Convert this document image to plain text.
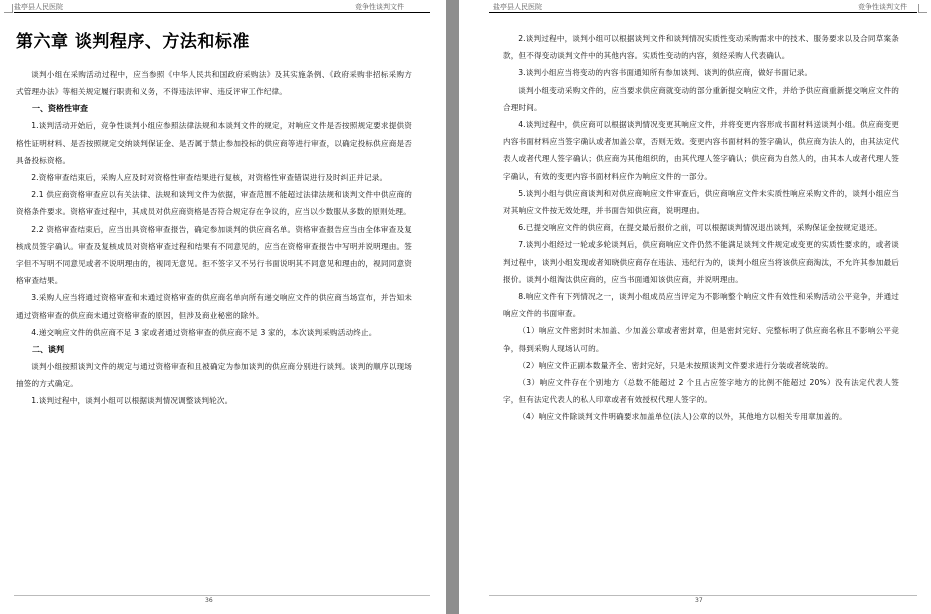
盐亭县人民医院	竞争性谈判文件
第六章 谈判程序、方法和标准

谈判小组在采购活动过程中，应当参照《中华人民共和国政府采购法》及其实施条例、《政府采购非招标采购方式管理办法》等相关规定履行职责和义务，不得违法评审、违反评审工作纪律。

一、资格性审查

1.谈判活动开始后，竞争性谈判小组应参照法律法规和本谈判文件的规定，对响应文件是否按照规定要求提供资格性证明材料、是否按照规定交纳谈判保证金、是否属于禁止参加投标的供应商等进行审查，以确定投标供应商是否具备投标资格。

2.资格审查结束后，采购人应及时对资格性审查结果进行复核，对资格性审查错误进行及时纠正并记录。

2.1 供应商资格审查应以有关法律、法规和谈判文件为依据，审查范围不能超过法律法规和谈判文件中供应商的资格条件要求。资格审查过程中，其成员对供应商资格是否符合规定存在争议的，应当以少数服从多数的原则处理。

2.2 资格审查结束后，应当出具资格审查报告，确定参加谈判的供应商名单。资格审查报告应当由全体审查及复核成员签字确认。审查及复核成员对资格审查过程和结果有不同意见的，应当在资格审查报告中写明并说明理由。签字但不写明不同意见或者不说明理由的，视同无意见。拒不签字又不另行书面说明其不同意见和理由的，视同同意资格审查结果。

3.采购人应当将通过资格审查和未通过资格审查的供应商名单向所有递交响应文件的供应商当场宣布，并告知未通过资格审查的供应商未通过资格审查的原因，但涉及商业秘密的除外。

4.递交响应文件的供应商不足 3 家或者通过资格审查的供应商不足 3 家的，本次谈判采购活动终止。

二、谈判

谈判小组按照谈判文件的规定与通过资格审查和且被确定为参加谈判的供应商分别进行谈判。谈判的顺序以现场抽签的方式确定。

1.谈判过程中，谈判小组可以根据谈判情况调整谈判轮次。

36
盐亭县人民医院	竞争性谈判文件

2.谈判过程中，谈判小组可以根据谈判文件和谈判情况实质性变动采购需求中的技术、服务要求以及合同草案条款，但不得变动谈判文件中的其他内容。实质性变动的内容，须经采购人代表确认。

3.谈判小组应当将变动的内容书面通知所有参加谈判、谈判的供应商，做好书面记录。

谈判小组变动采购文件的，应当要求供应商就变动的部分重新提交响应文件，并给予供应商重新提交响应文件的合理时间。

4.谈判过程中，供应商可以根据谈判情况变更其响应文件，并将变更内容形成书面材料送谈判小组。供应商变更内容书面材料应当签字确认或者加盖公章，否则无效。变更内容书面材料的签字确认，供应商为法人的，由其法定代表人或者代理人签字确认；供应商为其他组织的，由其代理人签字确认；供应商为自然人的，由其本人或者代理人签字确认，有效的变更内容书面材料应作为响应文件的一部分。

5.谈判小组与供应商谈判和对供应商响应文件审查后，供应商响应文件未实质性响应采购文件的，谈判小组应当对其响应文件按无效处理，并书面告知供应商，说明理由。

6.已提交响应文件的供应商，在提交最后报价之前，可以根据谈判情况退出谈判，采购保证金按规定退还。

7.谈判小组经过一轮或多轮谈判后，供应商响应文件仍然不能满足谈判文件规定或变更的实质性要求的，或者谈判过程中，谈判小组发现或者知晓供应商存在违法、违纪行为的，谈判小组应当将该供应商淘汰，不允许其参加最后报价。谈判小组淘汰供应商的，应当书面通知该供应商，并说明理由。

8.响应文件有下列情况之一，谈判小组成员应当评定为不影响整个响应文件有效性和采购活动公平竞争，并通过响应文件的书面审查。

（1）响应文件密封时未加盖、少加盖公章或者密封章，但是密封完好、完整标明了供应商名称且不影响公平竞争，得到采购人现场认可的。

（2）响应文件正副本数量齐全、密封完好，只是未按照谈判文件要求进行分装或者统装的。

（3）响应文件存在个别地方（总数不能超过 2 个且占应签字地方的比例不能超过 20%）没有法定代表人签字，但有法定代表人的私人印章或者有效授权代理人签字的。

（4）响应文件除谈判文件明确要求加盖单位(法人)公章的以外，其他地方以相关专用章加盖的。

37
